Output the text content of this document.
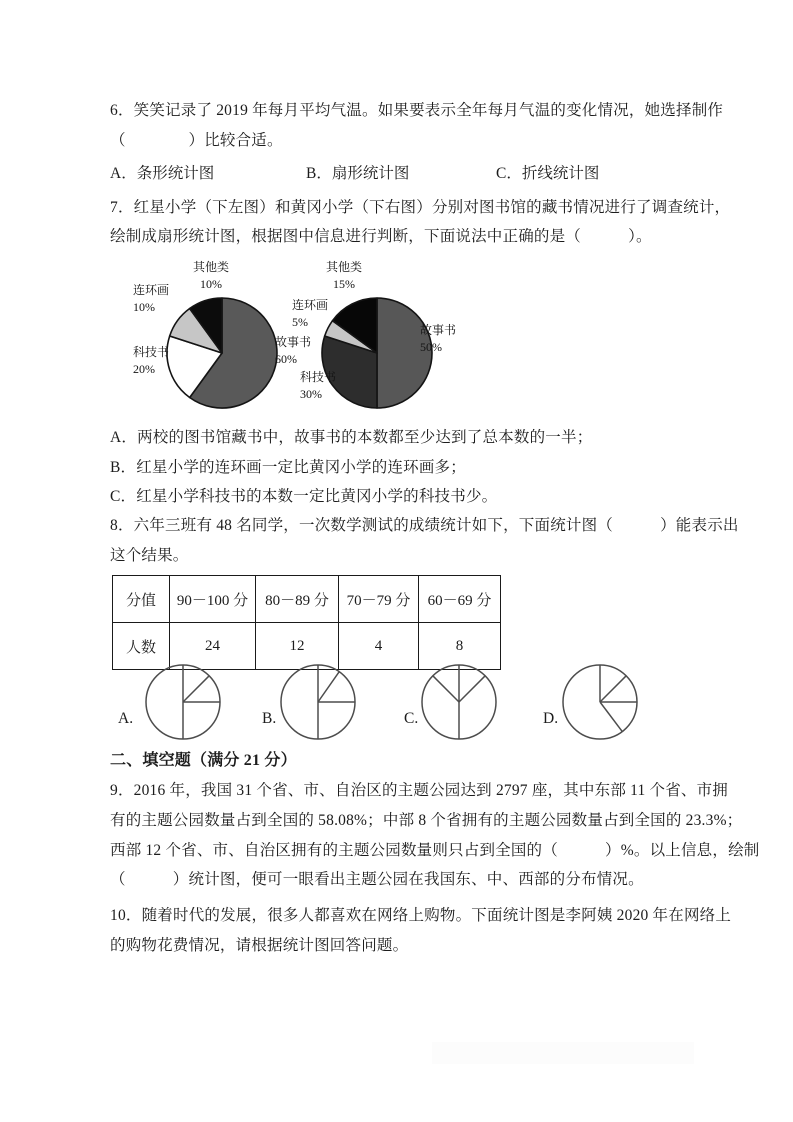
6．笑笑记录了 2019 年每月平均气温。如果要表示全年每月气温的变化情况，她选择制作
（　　　　）比较合适。
7．红星小学（下左图）和黄冈小学（下右图）分别对图书馆的藏书情况进行了调查统计，
绘制成扇形统计图，根据图中信息进行判断，下面说法中正确的是（　　　）。
A．两校的图书馆藏书中，故事书的本数都至少达到了总本数的一半；
B．红星小学的连环画一定比黄冈小学的连环画多；
C．红星小学科技书的本数一定比黄冈小学的科技书少。
8．六年三班有 48 名同学，一次数学测试的成绩统计如下，下面统计图（　　　）能表示出
这个结果。
二、填空题（满分 21 分）
9．2016 年，我国 31 个省、市、自治区的主题公园达到 2797 座，其中东部 11 个省、市拥
有的主题公园数量占到全国的 58.08%；中部 8 个省拥有的主题公园数量占到全国的 23.3%；
西部 12 个省、市、自治区拥有的主题公园数量则只占到全国的（　　　）%。以上信息，绘制
（　　　）统计图，便可一眼看出主题公园在我国东、中、西部的分布情况。
10．随着时代的发展，很多人都喜欢在网络上购物。下面统计图是李阿姨 2020 年在网络上
的购物花费情况，请根据统计图回答问题。
A．条形统计图	B．扇形统计图	C．折线统计图
故事书
60%
科技书
20%
连环画
10%
其他类
10%
故事书
50%
科技书
30%
连环画
5%
其他类
15%
分值	90－100 分	80－89 分	70－79 分	60－69 分
人数	24	12	4	8
A.	B.	C.	D.
